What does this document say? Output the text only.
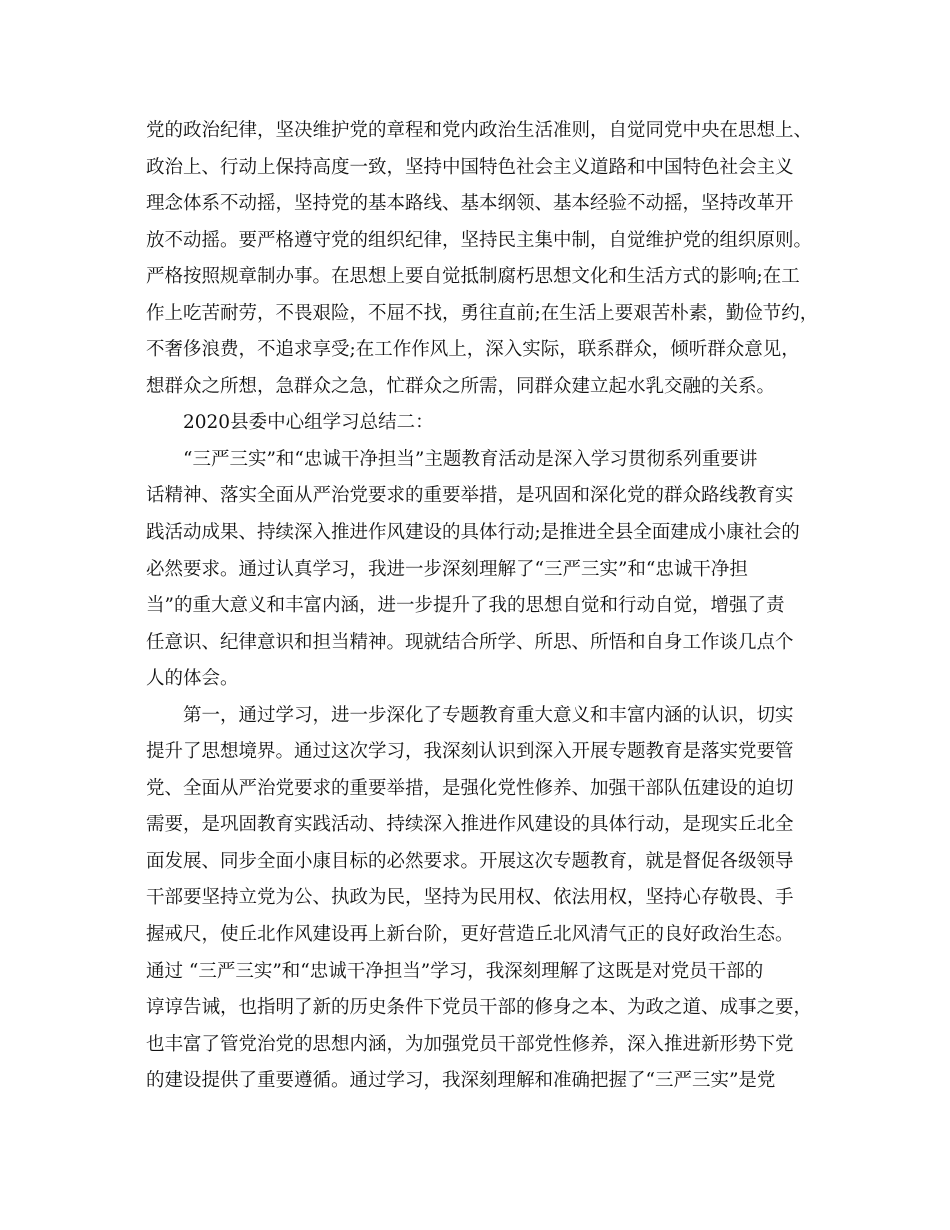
党的政治纪律，坚决维护党的章程和党内政治生活准则，自觉同党中央在思想上、
政治上、行动上保持高度一致，坚持中国特色社会主义道路和中国特色社会主义
理念体系不动摇，坚持党的基本路线、基本纲领、基本经验不动摇，坚持改革开
放不动摇。要严格遵守党的组织纪律，坚持民主集中制，自觉维护党的组织原则。
严格按照规章制办事。在思想上要自觉抵制腐朽思想文化和生活方式的影响;在工
作上吃苦耐劳，不畏艰险，不屈不找，勇往直前;在生活上要艰苦朴素，勤俭节约，
不奢侈浪费，不追求享受;在工作作风上，深入实际，联系群众，倾听群众意见，
想群众之所想，急群众之急，忙群众之所需，同群众建立起水乳交融的关系。
2020县委中心组学习总结二：
“三严三实”和“忠诚干净担当”主题教育活动是深入学习贯彻系列重要讲
话精神、落实全面从严治党要求的重要举措，是巩固和深化党的群众路线教育实
践活动成果、持续深入推进作风建设的具体行动;是推进全县全面建成小康社会的
必然要求。通过认真学习，我进一步深刻理解了“三严三实”和“忠诚干净担
当”的重大意义和丰富内涵，进一步提升了我的思想自觉和行动自觉，增强了责
任意识、纪律意识和担当精神。现就结合所学、所思、所悟和自身工作谈几点个
人的体会。
第一，通过学习，进一步深化了专题教育重大意义和丰富内涵的认识，切实
提升了思想境界。通过这次学习，我深刻认识到深入开展专题教育是落实党要管
党、全面从严治党要求的重要举措，是强化党性修养、加强干部队伍建设的迫切
需要，是巩固教育实践活动、持续深入推进作风建设的具体行动，是现实丘北全
面发展、同步全面小康目标的必然要求。开展这次专题教育，就是督促各级领导
干部要坚持立党为公、执政为民，坚持为民用权、依法用权，坚持心存敬畏、手
握戒尺，使丘北作风建设再上新台阶，更好营造丘北风清气正的良好政治生态。
通过 “三严三实”和“忠诚干净担当”学习，我深刻理解了这既是对党员干部的
谆谆告诫，也指明了新的历史条件下党员干部的修身之本、为政之道、成事之要，
也丰富了管党治党的思想内涵，为加强党员干部党性修养，深入推进新形势下党
的建设提供了重要遵循。通过学习，我深刻理解和准确把握了“三严三实”是党
